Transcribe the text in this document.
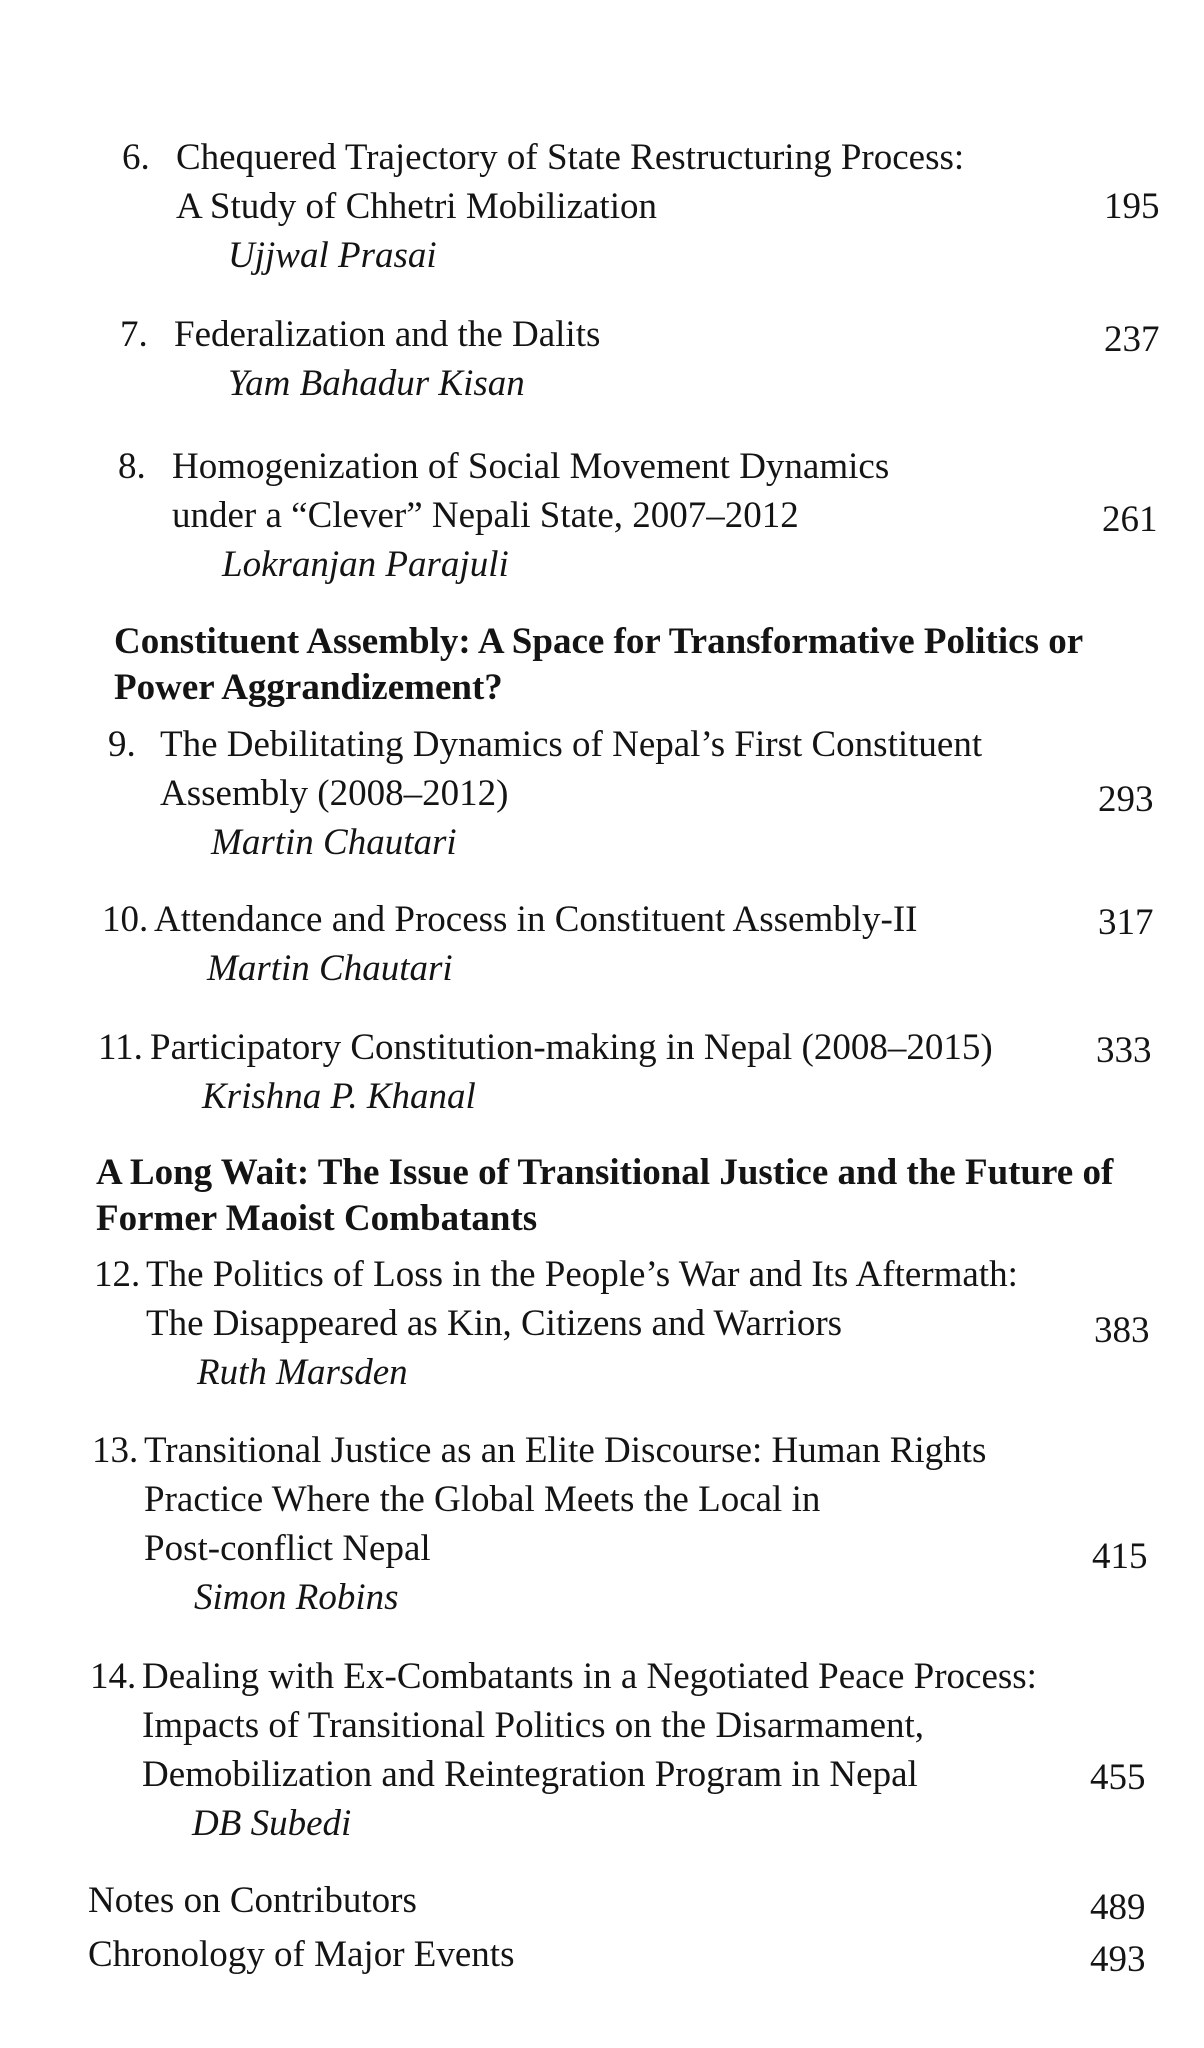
6. Chequered Trajectory of State Restructuring Process:
A Study of Chhetri Mobilization
Ujjwal Prasai
195
7. Federalization and the Dalits
Yam Bahadur Kisan
237
8. Homogenization of Social Movement Dynamics
under a “Clever” Nepali State, 2007–2012
Lokranjan Parajuli
261
Constituent Assembly: A Space for Transformative Politics or
Power Aggrandizement?
9. The Debilitating Dynamics of Nepal’s First Constituent
Assembly (2008–2012)
Martin Chautari
293
10. Attendance and Process in Constituent Assembly-II
Martin Chautari
317
11. Participatory Constitution-making in Nepal (2008–2015)
Krishna P. Khanal
333
A Long Wait: The Issue of Transitional Justice and the Future of
Former Maoist Combatants
12. The Politics of Loss in the People’s War and Its Aftermath:
The Disappeared as Kin, Citizens and Warriors
Ruth Marsden
383
13. Transitional Justice as an Elite Discourse: Human Rights
Practice Where the Global Meets the Local in
Post-conflict Nepal
Simon Robins
415
14. Dealing with Ex-Combatants in a Negotiated Peace Process:
Impacts of Transitional Politics on the Disarmament,
Demobilization and Reintegration Program in Nepal
DB Subedi
455
Notes on Contributors	489
Chronology of Major Events	493
